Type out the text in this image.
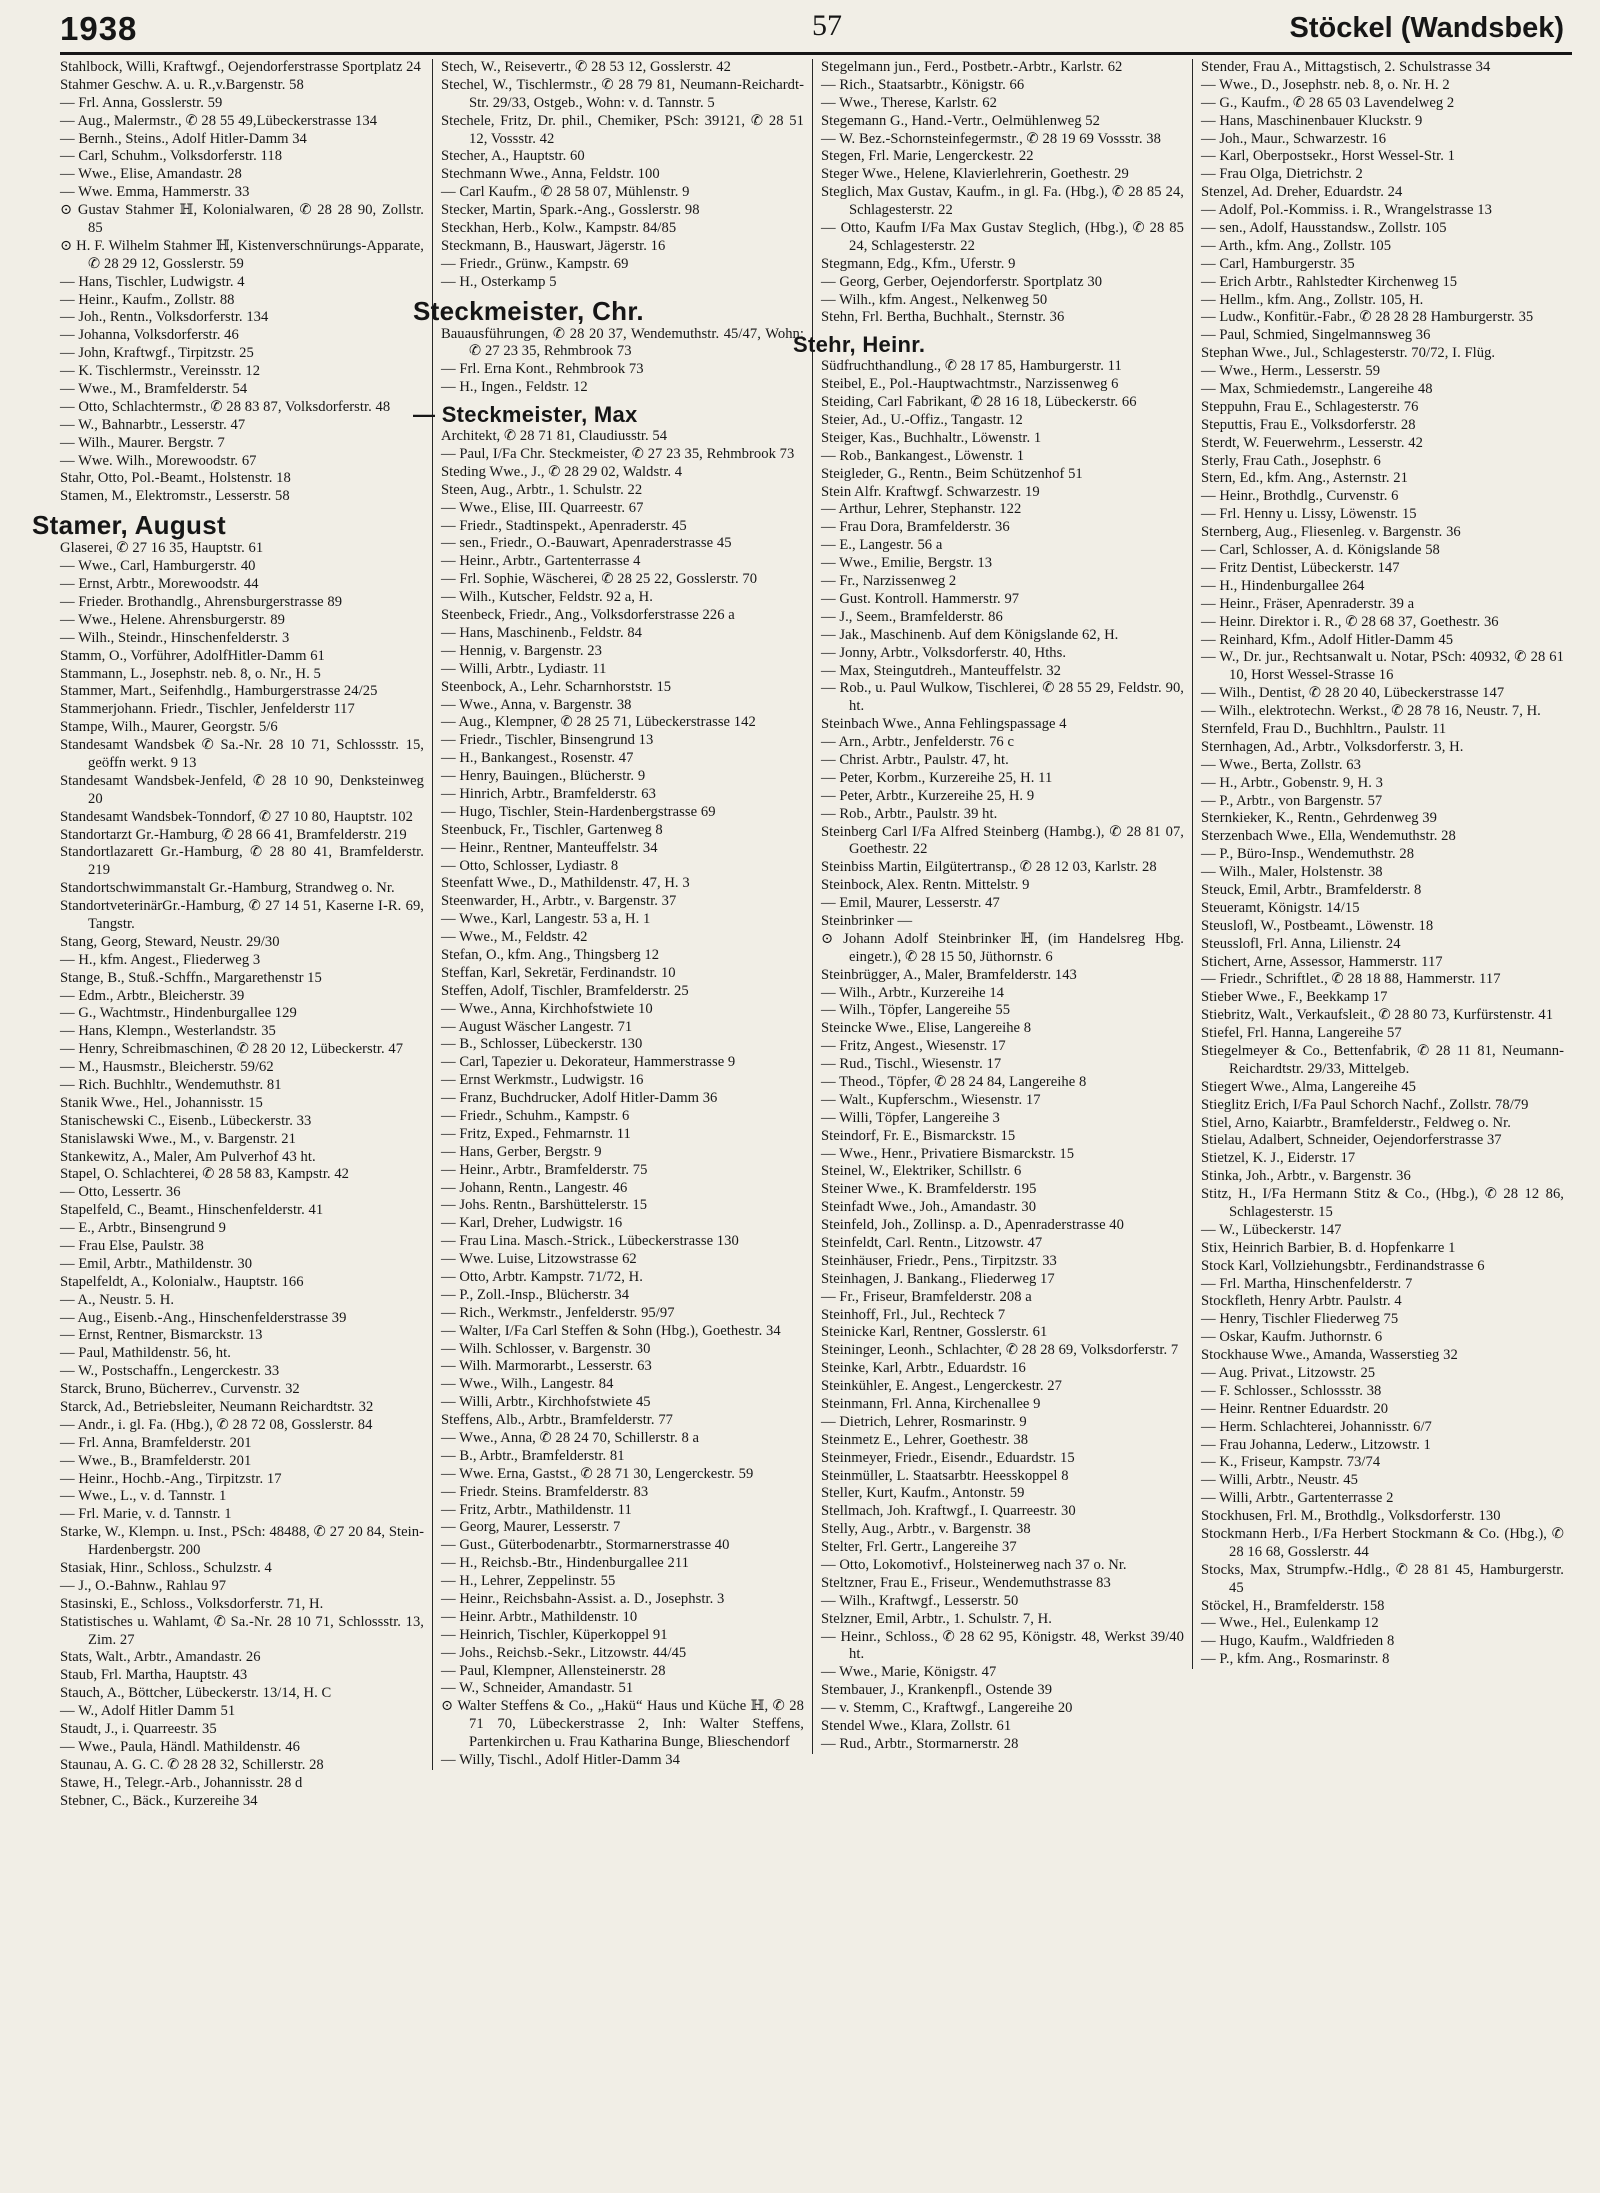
1938	57	Stöckel (Wandsbek)

Stahlbock, Willi, Kraftwgf., Oejendorferstrasse Sportplatz 24

Stahmer Geschw. A. u. R.,v.Bargenstr. 58

— Frl. Anna, Gosslerstr. 59

— Aug., Malermstr., ✆ 28 55 49,Lübeckerstrasse 134

— Bernh., Steins., Adolf Hitler-Damm 34

— Carl, Schuhm., Volksdorferstr. 118

— Wwe., Elise, Amandastr. 28

— Wwe. Emma, Hammerstr. 33

⊙ Gustav Stahmer ℍ, Kolonialwaren, ✆ 28 28 90, Zollstr. 85

⊙ H. F. Wilhelm Stahmer ℍ, Kistenverschnürungs-Apparate, ✆ 28 29 12, Gosslerstr. 59

— Hans, Tischler, Ludwigstr. 4

— Heinr., Kaufm., Zollstr. 88

— Joh., Rentn., Volksdorferstr. 134

— Johanna, Volksdorferstr. 46

— John, Kraftwgf., Tirpitzstr. 25

— K. Tischlermstr., Vereinsstr. 12

— Wwe., M., Bramfelderstr. 54

— Otto, Schlachtermstr., ✆ 28 83 87, Volksdorferstr. 48

— W., Bahnarbtr., Lesserstr. 47

— Wilh., Maurer. Bergstr. 7

— Wwe. Wilh., Morewoodstr. 67

Stahr, Otto, Pol.-Beamt., Holstenstr. 18

Stamen, M., Elektromstr., Lesserstr. 58

Stamer, August

Glaserei, ✆ 27 16 35, Hauptstr. 61

— Wwe., Carl, Hamburgerstr. 40

— Ernst, Arbtr., Morewoodstr. 44

— Frieder. Brothandlg., Ahrensburgerstrasse 89

— Wwe., Helene. Ahrensburgerstr. 89

— Wilh., Steindr., Hinschenfelderstr. 3

Stamm, O., Vorführer, AdolfHitler-Damm 61

Stammann, L., Josephstr. neb. 8, o. Nr., H. 5

Stammer, Mart., Seifenhdlg., Hamburgerstrasse 24/25

Stammerjohann. Friedr., Tischler, Jenfelderstr 117

Stampe, Wilh., Maurer, Georgstr. 5/6

Standesamt Wandsbek ✆ Sa.-Nr. 28 10 71, Schlossstr. 15, geöffn werkt. 9 13

Standesamt Wandsbek-Jenfeld, ✆ 28 10 90, Denksteinweg 20

Standesamt Wandsbek-Tonndorf, ✆ 27 10 80, Hauptstr. 102

Standortarzt Gr.-Hamburg, ✆ 28 66 41, Bramfelderstr. 219

Standortlazarett Gr.-Hamburg, ✆ 28 80 41, Bramfelderstr. 219

Standortschwimmanstalt Gr.-Hamburg, Strandweg o. Nr.

StandortveterinärGr.-Hamburg, ✆ 27 14 51, Kaserne I-R. 69, Tangstr.

Stang, Georg, Steward, Neustr. 29/30

— H., kfm. Angest., Fliederweg 3

Stange, B., Stuß.-Schffn., Margarethenstr 15

— Edm., Arbtr., Bleicherstr. 39

— G., Wachtmstr., Hindenburgallee 129

— Hans, Klempn., Westerlandstr. 35

— Henry, Schreibmaschinen, ✆ 28 20 12, Lübeckerstr. 47

— M., Hausmstr., Bleicherstr. 59/62

— Rich. Buchhltr., Wendemuthstr. 81

Stanik Wwe., Hel., Johannisstr. 15

Stanischewski C., Eisenb., Lübeckerstr. 33

Stanislawski Wwe., M., v. Bargenstr. 21

Stankewitz, A., Maler, Am Pulverhof 43 ht.

Stapel, O. Schlachterei, ✆ 28 58 83, Kampstr. 42

— Otto, Lessertr. 36

Stapelfeld, C., Beamt., Hinschenfelderstr. 41

— E., Arbtr., Binsengrund 9

— Frau Else, Paulstr. 38

— Emil, Arbtr., Mathildenstr. 30

Stapelfeldt, A., Kolonialw., Hauptstr. 166

— A., Neustr. 5. H.

— Aug., Eisenb.-Ang., Hinschenfelderstrasse 39

— Ernst, Rentner, Bismarckstr. 13

— Paul, Mathildenstr. 56, ht.

— W., Postschaffn., Lengerckestr. 33

Starck, Bruno, Bücherrev., Curvenstr. 32

Starck, Ad., Betriebsleiter, Neumann Reichardtstr. 32

— Andr., i. gl. Fa. (Hbg.), ✆ 28 72 08, Gosslerstr. 84

— Frl. Anna, Bramfelderstr. 201

— Wwe., B., Bramfelderstr. 201

— Heinr., Hochb.-Ang., Tirpitzstr. 17

— Wwe., L., v. d. Tannstr. 1

— Frl. Marie, v. d. Tannstr. 1

Starke, W., Klempn. u. Inst., PSch: 48488, ✆ 27 20 84, Stein-Hardenbergstr. 200

Stasiak, Hinr., Schloss., Schulzstr. 4

— J., O.-Bahnw., Rahlau 97

Stasinski, E., Schloss., Volksdorferstr. 71, H.

Statistisches u. Wahlamt, ✆ Sa.-Nr. 28 10 71, Schlossstr. 13, Zim. 27

Stats, Walt., Arbtr., Amandastr. 26

Staub, Frl. Martha, Hauptstr. 43

Stauch, A., Böttcher, Lübeckerstr. 13/14, H. C

— W., Adolf Hitler Damm 51

Staudt, J., i. Quarreestr. 35

— Wwe., Paula, Händl. Mathildenstr. 46

Staunau, A. G. C. ✆ 28 28 32, Schillerstr. 28

Stawe, H., Telegr.-Arb., Johannisstr. 28 d

Stebner, C., Bäck., Kurzereihe 34

Stech, W., Reisevertr., ✆ 28 53 12, Gosslerstr. 42

Stechel, W., Tischlermstr., ✆ 28 79 81, Neumann-Reichardt-Str. 29/33, Ostgeb., Wohn: v. d. Tannstr. 5

Stechele, Fritz, Dr. phil., Chemiker, PSch: 39121, ✆ 28 51 12, Vossstr. 42

Stecher, A., Hauptstr. 60

Stechmann Wwe., Anna, Feldstr. 100

— Carl Kaufm., ✆ 28 58 07, Mühlenstr. 9

Stecker, Martin, Spark.-Ang., Gosslerstr. 98

Steckhan, Herb., Kolw., Kampstr. 84/85

Steckmann, B., Hauswart, Jägerstr. 16

— Friedr., Grünw., Kampstr. 69

— H., Osterkamp 5

Steckmeister, Chr.

Bauausführungen, ✆ 28 20 37, Wendemuthstr. 45/47, Wohn: ✆ 27 23 35, Rehmbrook 73

— Frl. Erna Kont., Rehmbrook 73

— H., Ingen., Feldstr. 12

— Steckmeister, Max

Architekt, ✆ 28 71 81, Claudiusstr. 54

— Paul, I/Fa Chr. Steckmeister, ✆ 27 23 35, Rehmbrook 73

Steding Wwe., J., ✆ 28 29 02, Waldstr. 4

Steen, Aug., Arbtr., 1. Schulstr. 22

— Wwe., Elise, III. Quarreestr. 67

— Friedr., Stadtinspekt., Apenraderstr. 45

— sen., Friedr., O.-Bauwart, Apenraderstrasse 45

— Heinr., Arbtr., Gartenterrasse 4

— Frl. Sophie, Wäscherei, ✆ 28 25 22, Gosslerstr. 70

— Wilh., Kutscher, Feldstr. 92 a, H.

Steenbeck, Friedr., Ang., Volksdorferstrasse 226 a

— Hans, Maschinenb., Feldstr. 84

— Hennig, v. Bargenstr. 23

— Willi, Arbtr., Lydiastr. 11

Steenbock, A., Lehr. Scharnhorststr. 15

— Wwe., Anna, v. Bargenstr. 38

— Aug., Klempner, ✆ 28 25 71, Lübeckerstrasse 142

— Friedr., Tischler, Binsengrund 13

— H., Bankangest., Rosenstr. 47

— Henry, Bauingen., Blücherstr. 9

— Hinrich, Arbtr., Bramfelderstr. 63

— Hugo, Tischler, Stein-Hardenbergstrasse 69

Steenbuck, Fr., Tischler, Gartenweg 8

— Heinr., Rentner, Manteuffelstr. 34

— Otto, Schlosser, Lydiastr. 8

Steenfatt Wwe., D., Mathildenstr. 47, H. 3

Steenwarder, H., Arbtr., v. Bargenstr. 37

— Wwe., Karl, Langestr. 53 a, H. 1

— Wwe., M., Feldstr. 42

Stefan, O., kfm. Ang., Thingsberg 12

Steffan, Karl, Sekretär, Ferdinandstr. 10

Steffen, Adolf, Tischler, Bramfelderstr. 25

— Wwe., Anna, Kirchhofstwiete 10

— August Wäscher Langestr. 71

— B., Schlosser, Lübeckerstr. 130

— Carl, Tapezier u. Dekorateur, Hammerstrasse 9

— Ernst Werkmstr., Ludwigstr. 16

— Franz, Buchdrucker, Adolf Hitler-Damm 36

— Friedr., Schuhm., Kampstr. 6

— Fritz, Exped., Fehmarnstr. 11

— Hans, Gerber, Bergstr. 9

— Heinr., Arbtr., Bramfelderstr. 75

— Johann, Rentn., Langestr. 46

— Johs. Rentn., Barshüttelerstr. 15

— Karl, Dreher, Ludwigstr. 16

— Frau Lina. Masch.-Strick., Lübeckerstrasse 130

— Wwe. Luise, Litzowstrasse 62

— Otto, Arbtr. Kampstr. 71/72, H.

— P., Zoll.-Insp., Blücherstr. 34

— Rich., Werkmstr., Jenfelderstr. 95/97

— Walter, I/Fa Carl Steffen & Sohn (Hbg.), Goethestr. 34

— Wilh. Schlosser, v. Bargenstr. 30

— Wilh. Marmorarbt., Lesserstr. 63

— Wwe., Wilh., Langestr. 84

— Willi, Arbtr., Kirchhofstwiete 45

Steffens, Alb., Arbtr., Bramfelderstr. 77

— Wwe., Anna, ✆ 28 24 70, Schillerstr. 8 a

— B., Arbtr., Bramfelderstr. 81

— Wwe. Erna, Gastst., ✆ 28 71 30, Lengerckestr. 59

— Friedr. Steins. Bramfelderstr. 83

— Fritz, Arbtr., Mathildenstr. 11

— Georg, Maurer, Lesserstr. 7

— Gust., Güterbodenarbtr., Stormarnerstrasse 40

— H., Reichsb.-Btr., Hindenburgallee 211

— H., Lehrer, Zeppelinstr. 55

— Heinr., Reichsbahn-Assist. a. D., Josephstr. 3

— Heinr. Arbtr., Mathildenstr. 10

— Heinrich, Tischler, Küperkoppel 91

— Johs., Reichsb.-Sekr., Litzowstr. 44/45

— Paul, Klempner, Allensteinerstr. 28

— W., Schneider, Amandastr. 51

⊙ Walter Steffens & Co., „Hakü“ Haus und Küche ℍ, ✆ 28 71 70, Lübeckerstrasse 2, Inh: Walter Steffens, Partenkirchen u. Frau Katharina Bunge, Blieschendorf

— Willy, Tischl., Adolf Hitler-Damm 34

Stegelmann jun., Ferd., Postbetr.-Arbtr., Karlstr. 62

— Rich., Staatsarbtr., Königstr. 66

— Wwe., Therese, Karlstr. 62

Stegemann G., Hand.-Vertr., Oelmühlenweg 52

— W. Bez.-Schornsteinfegermstr., ✆ 28 19 69 Vossstr. 38

Stegen, Frl. Marie, Lengerckestr. 22

Steger Wwe., Helene, Klavierlehrerin, Goethestr. 29

Steglich, Max Gustav, Kaufm., in gl. Fa. (Hbg.), ✆ 28 85 24, Schlagesterstr. 22

— Otto, Kaufm I/Fa Max Gustav Steglich, (Hbg.), ✆ 28 85 24, Schlagesterstr. 22

Stegmann, Edg., Kfm., Uferstr. 9

— Georg, Gerber, Oejendorferstr. Sportplatz 30

— Wilh., kfm. Angest., Nelkenweg 50

Stehn, Frl. Bertha, Buchhalt., Sternstr. 36

Stehr, Heinr.

Südfruchthandlung., ✆ 28 17 85, Hamburgerstr. 11

Steibel, E., Pol.-Hauptwachtmstr., Narzissenweg 6

Steiding, Carl Fabrikant, ✆ 28 16 18, Lübeckerstr. 66

Steier, Ad., U.-Offiz., Tangastr. 12

Steiger, Kas., Buchhaltr., Löwenstr. 1

— Rob., Bankangest., Löwenstr. 1

Steigleder, G., Rentn., Beim Schützenhof 51

Stein Alfr. Kraftwgf. Schwarzestr. 19

— Arthur, Lehrer, Stephanstr. 122

— Frau Dora, Bramfelderstr. 36

— E., Langestr. 56 a

— Wwe., Emilie, Bergstr. 13

— Fr., Narzissenweg 2

— Gust. Kontroll. Hammerstr. 97

— J., Seem., Bramfelderstr. 86

— Jak., Maschinenb. Auf dem Königslande 62, H.

— Jonny, Arbtr., Volksdorferstr. 40, Hths.

— Max, Steingutdreh., Manteuffelstr. 32

— Rob., u. Paul Wulkow, Tischlerei, ✆ 28 55 29, Feldstr. 90, ht.

Steinbach Wwe., Anna Fehlingspassage 4

— Arn., Arbtr., Jenfelderstr. 76 c

— Christ. Arbtr., Paulstr. 47, ht.

— Peter, Korbm., Kurzereihe 25, H. 11

— Peter, Arbtr., Kurzereihe 25, H. 9

— Rob., Arbtr., Paulstr. 39 ht.

Steinberg Carl I/Fa Alfred Steinberg (Hambg.), ✆ 28 81 07, Goethestr. 22

Steinbiss Martin, Eilgütertransp., ✆ 28 12 03, Karlstr. 28

Steinbock, Alex. Rentn. Mittelstr. 9

— Emil, Maurer, Lesserstr. 47

Steinbrinker —

⊙ Johann Adolf Steinbrinker ℍ, (im Handelsreg Hbg. eingetr.), ✆ 28 15 50, Jüthornstr. 6

Steinbrügger, A., Maler, Bramfelderstr. 143

— Wilh., Arbtr., Kurzereihe 14

— Wilh., Töpfer, Langereihe 55

Steincke Wwe., Elise, Langereihe 8

— Fritz, Angest., Wiesenstr. 17

— Rud., Tischl., Wiesenstr. 17

— Theod., Töpfer, ✆ 28 24 84, Langereihe 8

— Walt., Kupferschm., Wiesenstr. 17

— Willi, Töpfer, Langereihe 3

Steindorf, Fr. E., Bismarckstr. 15

— Wwe., Henr., Privatiere Bismarckstr. 15

Steinel, W., Elektriker, Schillstr. 6

Steiner Wwe., K. Bramfelderstr. 195

Steinfadt Wwe., Joh., Amandastr. 30

Steinfeld, Joh., Zollinsp. a. D., Apenraderstrasse 40

Steinfeldt, Carl. Rentn., Litzowstr. 47

Steinhäuser, Friedr., Pens., Tirpitzstr. 33

Steinhagen, J. Bankang., Fliederweg 17

— Fr., Friseur, Bramfelderstr. 208 a

Steinhoff, Frl., Jul., Rechteck 7

Steinicke Karl, Rentner, Gosslerstr. 61

Steininger, Leonh., Schlachter, ✆ 28 28 69, Volksdorferstr. 7

Steinke, Karl, Arbtr., Eduardstr. 16

Steinkühler, E. Angest., Lengerckestr. 27

Steinmann, Frl. Anna, Kirchenallee 9

— Dietrich, Lehrer, Rosmarinstr. 9

Steinmetz E., Lehrer, Goethestr. 38

Steinmeyer, Friedr., Eisendr., Eduardstr. 15

Steinmüller, L. Staatsarbtr. Heesskoppel 8

Steller, Kurt, Kaufm., Antonstr. 59

Stellmach, Joh. Kraftwgf., I. Quarreestr. 30

Stelly, Aug., Arbtr., v. Bargenstr. 38

Stelter, Frl. Gertr., Langereihe 37

— Otto, Lokomotivf., Holsteinerweg nach 37 o. Nr.

Steltzner, Frau E., Friseur., Wendemuthstrasse 83

— Wilh., Kraftwgf., Lesserstr. 50

Stelzner, Emil, Arbtr., 1. Schulstr. 7, H.

— Heinr., Schloss., ✆ 28 62 95, Königstr. 48, Werkst 39/40 ht.

— Wwe., Marie, Königstr. 47

Stembauer, J., Krankenpfl., Ostende 39

— v. Stemm, C., Kraftwgf., Langereihe 20

Stendel Wwe., Klara, Zollstr. 61

— Rud., Arbtr., Stormarnerstr. 28

Stender, Frau A., Mittagstisch, 2. Schulstrasse 34

— Wwe., D., Josephstr. neb. 8, o. Nr. H. 2

— G., Kaufm., ✆ 28 65 03 Lavendelweg 2

— Hans, Maschinenbauer Kluckstr. 9

— Joh., Maur., Schwarzestr. 16

— Karl, Oberpostsekr., Horst Wessel-Str. 1

— Frau Olga, Dietrichstr. 2

Stenzel, Ad. Dreher, Eduardstr. 24

— Adolf, Pol.-Kommiss. i. R., Wrangelstrasse 13

— sen., Adolf, Hausstandsw., Zollstr. 105

— Arth., kfm. Ang., Zollstr. 105

— Carl, Hamburgerstr. 35

— Erich Arbtr., Rahlstedter Kirchenweg 15

— Hellm., kfm. Ang., Zollstr. 105, H.

— Ludw., Konfitür.-Fabr., ✆ 28 28 28 Hamburgerstr. 35

— Paul, Schmied, Singelmannsweg 36

Stephan Wwe., Jul., Schlagesterstr. 70/72, I. Flüg.

— Wwe., Herm., Lesserstr. 59

— Max, Schmiedemstr., Langereihe 48

Steppuhn, Frau E., Schlagesterstr. 76

Steputtis, Frau E., Volksdorferstr. 28

Sterdt, W. Feuerwehrm., Lesserstr. 42

Sterly, Frau Cath., Josephstr. 6

Stern, Ed., kfm. Ang., Asternstr. 21

— Heinr., Brothdlg., Curvenstr. 6

— Frl. Henny u. Lissy, Löwenstr. 15

Sternberg, Aug., Fliesenleg. v. Bargenstr. 36

— Carl, Schlosser, A. d. Königslande 58

— Fritz Dentist, Lübeckerstr. 147

— H., Hindenburgallee 264

— Heinr., Fräser, Apenraderstr. 39 a

— Heinr. Direktor i. R., ✆ 28 68 37, Goethestr. 36

— Reinhard, Kfm., Adolf Hitler-Damm 45

— W., Dr. jur., Rechtsanwalt u. Notar, PSch: 40932, ✆ 28 61 10, Horst Wessel-Strasse 16

— Wilh., Dentist, ✆ 28 20 40, Lübeckerstrasse 147

— Wilh., elektrotechn. Werkst., ✆ 28 78 16, Neustr. 7, H.

Sternfeld, Frau D., Buchhltrn., Paulstr. 11

Sternhagen, Ad., Arbtr., Volksdorferstr. 3, H.

— Wwe., Berta, Zollstr. 63

— H., Arbtr., Gobenstr. 9, H. 3

— P., Arbtr., von Bargenstr. 57

Sternkieker, K., Rentn., Gehrdenweg 39

Sterzenbach Wwe., Ella, Wendemuthstr. 28

— P., Büro-Insp., Wendemuthstr. 28

— Wilh., Maler, Holstenstr. 38

Steuck, Emil, Arbtr., Bramfelderstr. 8

Steueramt, Königstr. 14/15

Steuslofl, W., Postbeamt., Löwenstr. 18

Steusslofl, Frl. Anna, Lilienstr. 24

Stichert, Arne, Assessor, Hammerstr. 117

— Friedr., Schriftlet., ✆ 28 18 88, Hammerstr. 117

Stieber Wwe., F., Beekkamp 17

Stiebritz, Walt., Verkaufsleit., ✆ 28 80 73, Kurfürstenstr. 41

Stiefel, Frl. Hanna, Langereihe 57

Stiegelmeyer & Co., Bettenfabrik, ✆ 28 11 81, Neumann-Reichardtstr. 29/33, Mittelgeb.

Stiegert Wwe., Alma, Langereihe 45

Stieglitz Erich, I/Fa Paul Schorch Nachf., Zollstr. 78/79

Stiel, Arno, Kaiarbtr., Bramfelderstr., Feldweg o. Nr.

Stielau, Adalbert, Schneider, Oejendorferstrasse 37

Stietzel, K. J., Eiderstr. 17

Stinka, Joh., Arbtr., v. Bargenstr. 36

Stitz, H., I/Fa Hermann Stitz & Co., (Hbg.), ✆ 28 12 86, Schlagesterstr. 15

— W., Lübeckerstr. 147

Stix, Heinrich Barbier, B. d. Hopfenkarre 1

Stock Karl, Vollziehungsbtr., Ferdinandstrasse 6

— Frl. Martha, Hinschenfelderstr. 7

Stockfleth, Henry Arbtr. Paulstr. 4

— Henry, Tischler Fliederweg 75

— Oskar, Kaufm. Juthornstr. 6

Stockhause Wwe., Amanda, Wasserstieg 32

— Aug. Privat., Litzowstr. 25

— F. Schlosser., Schlossstr. 38

— Heinr. Rentner Eduardstr. 20

— Herm. Schlachterei, Johannisstr. 6/7

— Frau Johanna, Lederw., Litzowstr. 1

— K., Friseur, Kampstr. 73/74

— Willi, Arbtr., Neustr. 45

— Willi, Arbtr., Gartenterrasse 2

Stockhusen, Frl. M., Brothdlg., Volksdorferstr. 130

Stockmann Herb., I/Fa Herbert Stockmann & Co. (Hbg.), ✆ 28 16 68, Gosslerstr. 44

Stocks, Max, Strumpfw.-Hdlg., ✆ 28 81 45, Hamburgerstr. 45

Stöckel, H., Bramfelderstr. 158

— Wwe., Hel., Eulenkamp 12

— Hugo, Kaufm., Waldfrieden 8

— P., kfm. Ang., Rosmarinstr. 8
